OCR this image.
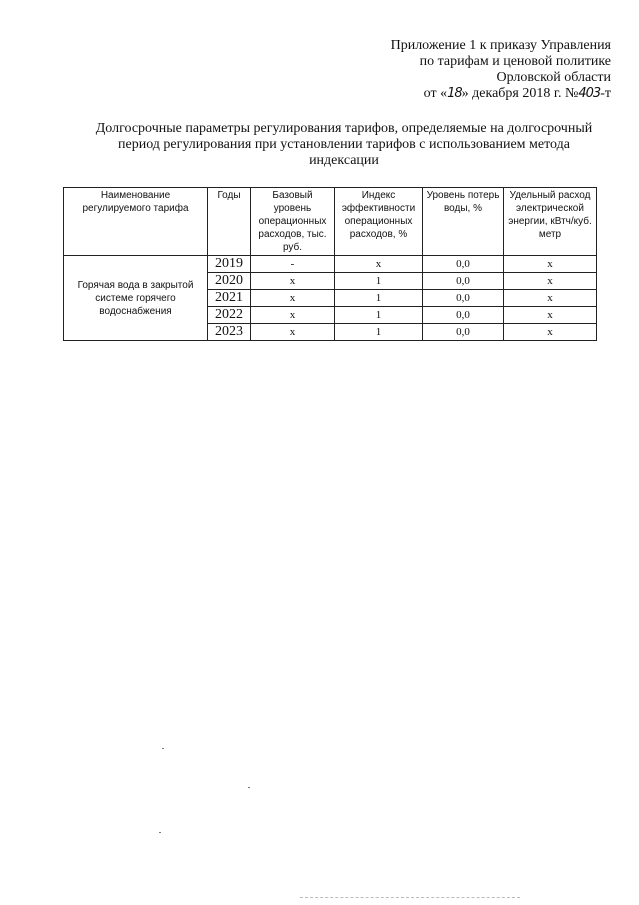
Приложение 1 к приказу Управления
по тарифам и ценовой политике
Орловской области
от «18» декабря 2018 г. №403-т
Долгосрочные параметры регулирования тарифов, определяемые на долгосрочный
период регулирования при установлении тарифов с использованием метода
индексации
Наименование регулируемого тарифа	Годы	Базовый уровень операционных расходов, тыс. руб.	Индекс эффективности операционных расходов, %	Уровень потерь воды, %	Удельный расход электрической энергии, кВтч/куб. метр
Горячая вода в закрытой системе горячего водоснабжения	2019	-	х	0,0	х
	2020	х	1	0,0	х
	2021	х	1	0,0	х
	2022	х	1	0,0	х
	2023	х	1	0,0	х
